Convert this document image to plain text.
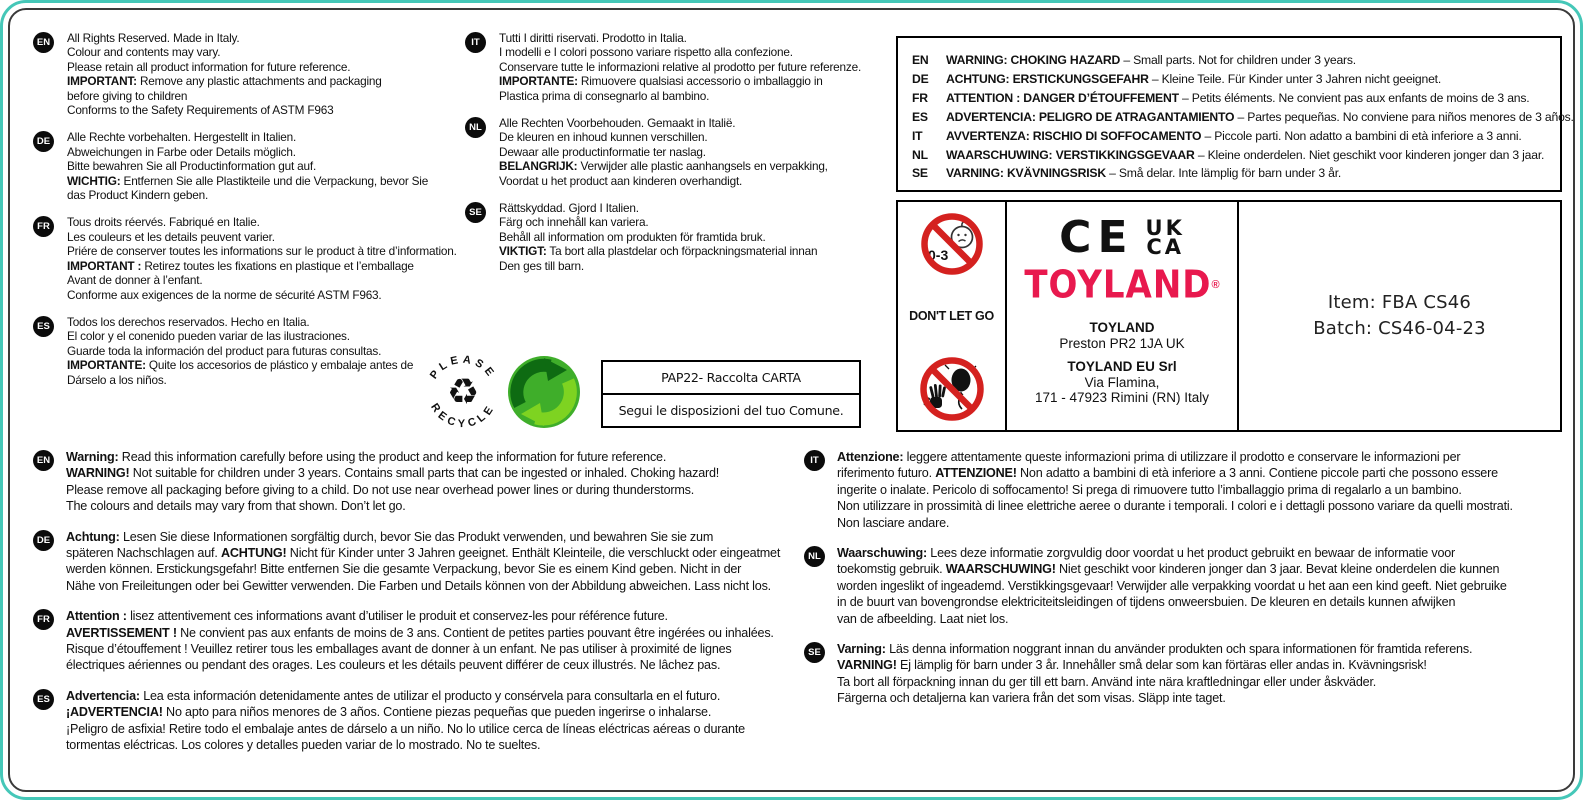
EN	All Rights Reserved. Made in Italy.
Colour and contents may vary.
Please retain all product information for future reference.
IMPORTANT: Remove any plastic attachments and packaging
before giving to children
Conforms to the Safety Requirements of ASTM F963
DE	Alle Rechte vorbehalten. Hergestellt in Italien.
Abweichungen in Farbe oder Details möglich.
Bitte bewahren Sie all Productinformation gut auf.
WICHTIG: Entfernen Sie alle Plastikteile und die Verpackung, bevor Sie
das Product Kindern geben.
FR	Tous droits réervés. Fabriqué en Italie.
Les couleurs et les details peuvent varier.
Priére de conserver toutes les informations sur le product à titre d’information.
IMPORTANT : Retirez toutes les fixations en plastique et l’emballage
Avant de donner à l’enfant.
Conforme aux exigences de la norme de sécurité ASTM F963.
ES	Todos los derechos reservados. Hecho en Italia.
El color y el conenido pueden variar de las ilustraciones.
Guarde toda la información del product para futuras consultas.
IMPORTANTE: Quite los accesorios de plástico y embalaje antes de
Dárselo a los niños.
IT	Tutti I diritti riservati. Prodotto in Italia.
I modelli e I colori possono variare rispetto alla confezione.
Conservare tutte le informazioni relative al prodotto per future referenze.
IMPORTANTE: Rimuovere qualsiasi accessorio o imballaggio in
Plastica prima di consegnarlo al bambino.
NL	Alle Rechten Voorbehouden. Gemaakt in Italië.
De kleuren en inhoud kunnen verschillen.
Dewaar alle productinformatie ter naslag.
BELANGRIJK: Verwijder alle plastic aanhangsels en verpakking,
Voordat u het product aan kinderen overhandigt.
SE	Rättskyddad. Gjord I Italien.
Färg och innehåll kan variera.
Behåll all information om produkten för framtida bruk.
VIKTIGT: Ta bort alla plastdelar och förpackningsmaterial innan
Den ges till barn.
EN	WARNING: CHOKING HAZARD – Small parts. Not for children under 3 years.
DE	ACHTUNG: ERSTICKUNGSGEFAHR – Kleine Teile. Für Kinder unter 3 Jahren nicht geeignet.
FR	ATTENTION : DANGER D’ÉTOUFFEMENT – Petits éléments. Ne convient pas aux enfants de moins de 3 ans.
ES	ADVERTENCIA: PELIGRO DE ATRAGANTAMIENTO – Partes pequeñas. No conviene para niños menores de 3 años.
IT	AVVERTENZA: RISCHIO DI SOFFOCAMENTO – Piccole parti. Non adatto a bambini di età inferiore a 3 anni.
NL	WAARSCHUWING: VERSTIKKINGSGEVAAR – Kleine onderdelen. Niet geschikt voor kinderen jonger dan 3 jaar.
SE	VARNING: KVÄVNINGSRISK – Små delar. Inte lämplig för barn under 3 år.
0-3
DON'T LET GO
CE UK
CA
TOYLAND®
TOYLAND
Preston PR2 1JA UK
TOYLAND EU Srl
Via Flamina,
171 - 47923 Rimini (RN) Italy
Item: FBA CS46
Batch: CS46-04-23
PLEASE
RECYCLE
♻	PAP22- Raccolta CARTA
Segui le disposizioni del tuo Comune.
EN	Warning: Read this information carefully before using the product and keep the information for future reference.
WARNING! Not suitable for children under 3 years. Contains small parts that can be ingested or inhaled. Choking hazard!
Please remove all packaging before giving to a child. Do not use near overhead power lines or during thunderstorms.
The colours and details may vary from that shown. Don’t let go.
DE	Achtung: Lesen Sie diese Informationen sorgfältig durch, bevor Sie das Produkt verwenden, und bewahren Sie sie zum
späteren Nachschlagen auf. ACHTUNG! Nicht für Kinder unter 3 Jahren geeignet. Enthält Kleinteile, die verschluckt oder eingeatmet
werden können. Erstickungsgefahr! Bitte entfernen Sie die gesamte Verpackung, bevor Sie es einem Kind geben. Nicht in der
Nähe von Freileitungen oder bei Gewitter verwenden. Die Farben und Details können von der Abbildung abweichen. Lass nicht los.
FR	Attention : lisez attentivement ces informations avant d’utiliser le produit et conservez-les pour référence future.
AVERTISSEMENT ! Ne convient pas aux enfants de moins de 3 ans. Contient de petites parties pouvant être ingérées ou inhalées.
Risque d’étouffement ! Veuillez retirer tous les emballages avant de donner à un enfant. Ne pas utiliser à proximité de lignes
électriques aériennes ou pendant des orages. Les couleurs et les détails peuvent différer de ceux illustrés. Ne lâchez pas.
ES	Advertencia: Lea esta información detenidamente antes de utilizar el producto y consérvela para consultarla en el futuro.
¡ADVERTENCIA! No apto para niños menores de 3 años. Contiene piezas pequeñas que pueden ingerirse o inhalarse.
¡Peligro de asfixia! Retire todo el embalaje antes de dárselo a un niño. No lo utilice cerca de líneas eléctricas aéreas o durante
tormentas eléctricas. Los colores y detalles pueden variar de lo mostrado. No te sueltes.
IT	Attenzione: leggere attentamente queste informazioni prima di utilizzare il prodotto e conservare le informazioni per
riferimento futuro. ATTENZIONE! Non adatto a bambini di età inferiore a 3 anni. Contiene piccole parti che possono essere
ingerite o inalate. Pericolo di soffocamento! Si prega di rimuovere tutto l’imballaggio prima di regalarlo a un bambino.
Non utilizzare in prossimità di linee elettriche aeree o durante i temporali. I colori e i dettagli possono variare da quelli mostrati.
Non lasciare andare.
NL	Waarschuwing: Lees deze informatie zorgvuldig door voordat u het product gebruikt en bewaar de informatie voor
toekomstig gebruik. WAARSCHUWING! Niet geschikt voor kinderen jonger dan 3 jaar. Bevat kleine onderdelen die kunnen
worden ingeslikt of ingeademd. Verstikkingsgevaar! Verwijder alle verpakking voordat u het aan een kind geeft. Niet gebruike
in de buurt van bovengrondse elektriciteitsleidingen of tijdens onweersbuien. De kleuren en details kunnen afwijken
van de afbeelding. Laat niet los.
SE	Varning: Läs denna information noggrant innan du använder produkten och spara informationen för framtida referens.
VARNING! Ej lämplig för barn under 3 år. Innehåller små delar som kan förtäras eller andas in. Kvävningsrisk!
Ta bort all förpackning innan du ger till ett barn. Använd inte nära kraftledningar eller under åskväder.
Färgerna och detaljerna kan variera från det som visas. Släpp inte taget.
